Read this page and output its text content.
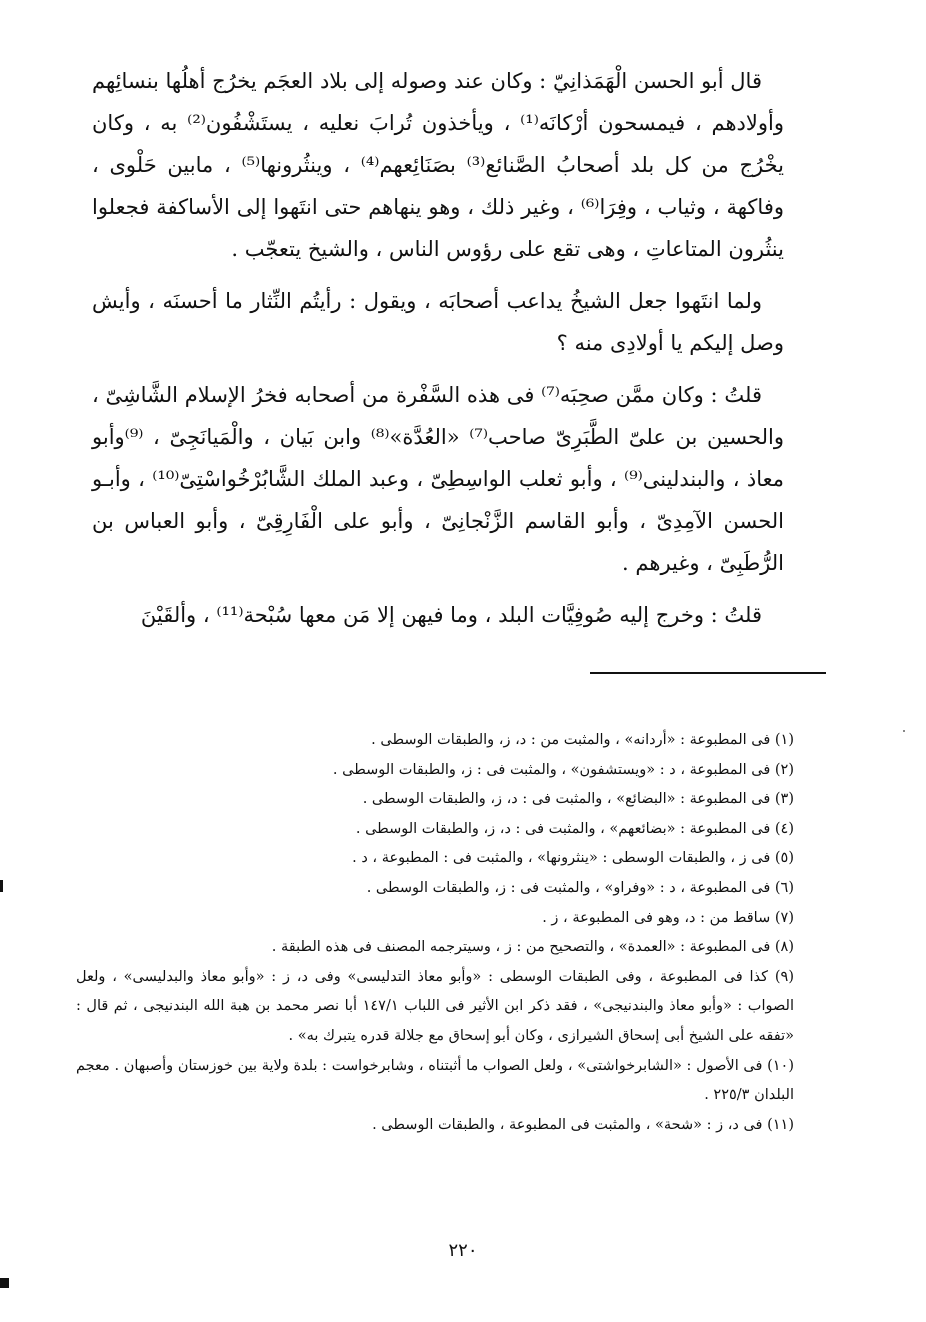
قال أبو الحسن الْهَمَذانِيّ : وكان عند وصوله إلى بلاد العجَم يخرُج أهلُها بنسائِهم وأولادهم ، فيمسحون أرْكانَه⁽¹⁾ ، ويأخذون تُرابَ نعليه ، يستَشْفُون⁽²⁾ به ، وكان يخْرُج من كل بلد أصحابُ الصَّنائع⁽³⁾ بصَنَائِعهم⁽⁴⁾ ، وينثُرونها⁽⁵⁾ ، مابين حَلْوى ، وفاكهة ، وثياب ، وفِرَا⁽⁶⁾ ، وغير ذلك ، وهو ينهاهم حتى انتَهوا إلى الأساكفة فجعلوا ينثُرون المتاعاتِ ، وهى تقع على رؤوس الناس ، والشيخ يتعجّب .

ولما انتَهوا جعل الشيخُ يداعب أصحابَه ، ويقول : رأيتُم النِّثار ما أحسنَه ، وأيش وصل إليكم يا أولادِى منه ؟

قلتُ : وكان ممَّن صحِبَه⁽⁷⁾ فى هذه السَّفْرة من أصحابه فخرُ الإسلام الشَّاشِىّ ، والحسين بن علىّ الطَّبَرِىّ صاحب⁽⁷⁾ «العُدَّة»⁽⁸⁾ وابن بَيان ، والْمَيانَجِىّ ، ⁽⁹⁾وأبو معاذ ، والبندلينى⁽⁹⁾ ، وأبو ثعلب الواسِطِىّ ، وعبد الملك الشَّابُرْخُواسْتِىّ⁽¹⁰⁾ ، وأبـو الحسن الآمِدِىّ ، وأبو القاسم الزَّنْجانِىّ ، وأبو على الْفَارِقِىّ ، وأبو العباس بن الرُّطَبِىّ ، وغيرهم .

قلتُ : وخرج إليه صُوفِيَّات البلد ، وما فيهن إلا مَن معها سُبْحة⁽¹¹⁾ ، وألقَيْنَ

(١) فى المطبوعة : «أردانه» ، والمثبت من : د، ز، والطبقات الوسطى .

(٢) فى المطبوعة ، د : «ويستشفون» ، والمثبت فى : ز، والطبقات الوسطى .

(٣) فى المطبوعة : «البضائع» ، والمثبت فى : د، ز، والطبقات الوسطى .

(٤) فى المطبوعة : «بضائعهم» ، والمثبت فى : د، ز، والطبقات الوسطى .

(٥) فى ز ، والطبقات الوسطى : «ينثرونها» ، والمثبت فى : المطبوعة ، د .

(٦) فى المطبوعة ، د : «وفراو» ، والمثبت فى : ز، والطبقات الوسطى .

(٧) ساقط من : د، وهو فى المطبوعة ، ز .

(٨) فى المطبوعة : «العمدة» ، والتصحيح من : ز ، وسيترجمه المصنف فى هذه الطبقة .

(٩) كذا فى المطبوعة ، وفى الطبقات الوسطى : «وأبو معاذ التدليسى» وفى د، ز : «وأبو معاذ والبدليسى» ، ولعل الصواب : «وأبو معاذ والبندنيجى» ، فقد ذكر ابن الأثير فى اللباب ١٤٧/١ أبا نصر محمد بن هبة الله البندنيجى ، ثم قال : «تفقه على الشيخ أبى إسحاق الشيرازى ، وكان أبو إسحاق مع جلالة قدره يتبرك به» .

(١٠) فى الأصول : «الشابرخواشتى» ، ولعل الصواب ما أثبتناه ، وشابرخواست : بلدة ولاية بين خوزستان وأصبهان . معجم البلدان ٢٢٥/٣ .

(١١) فى د، ز : «شحة» ، والمثبت فى المطبوعة ، والطبقات الوسطى .

٢٢٠
